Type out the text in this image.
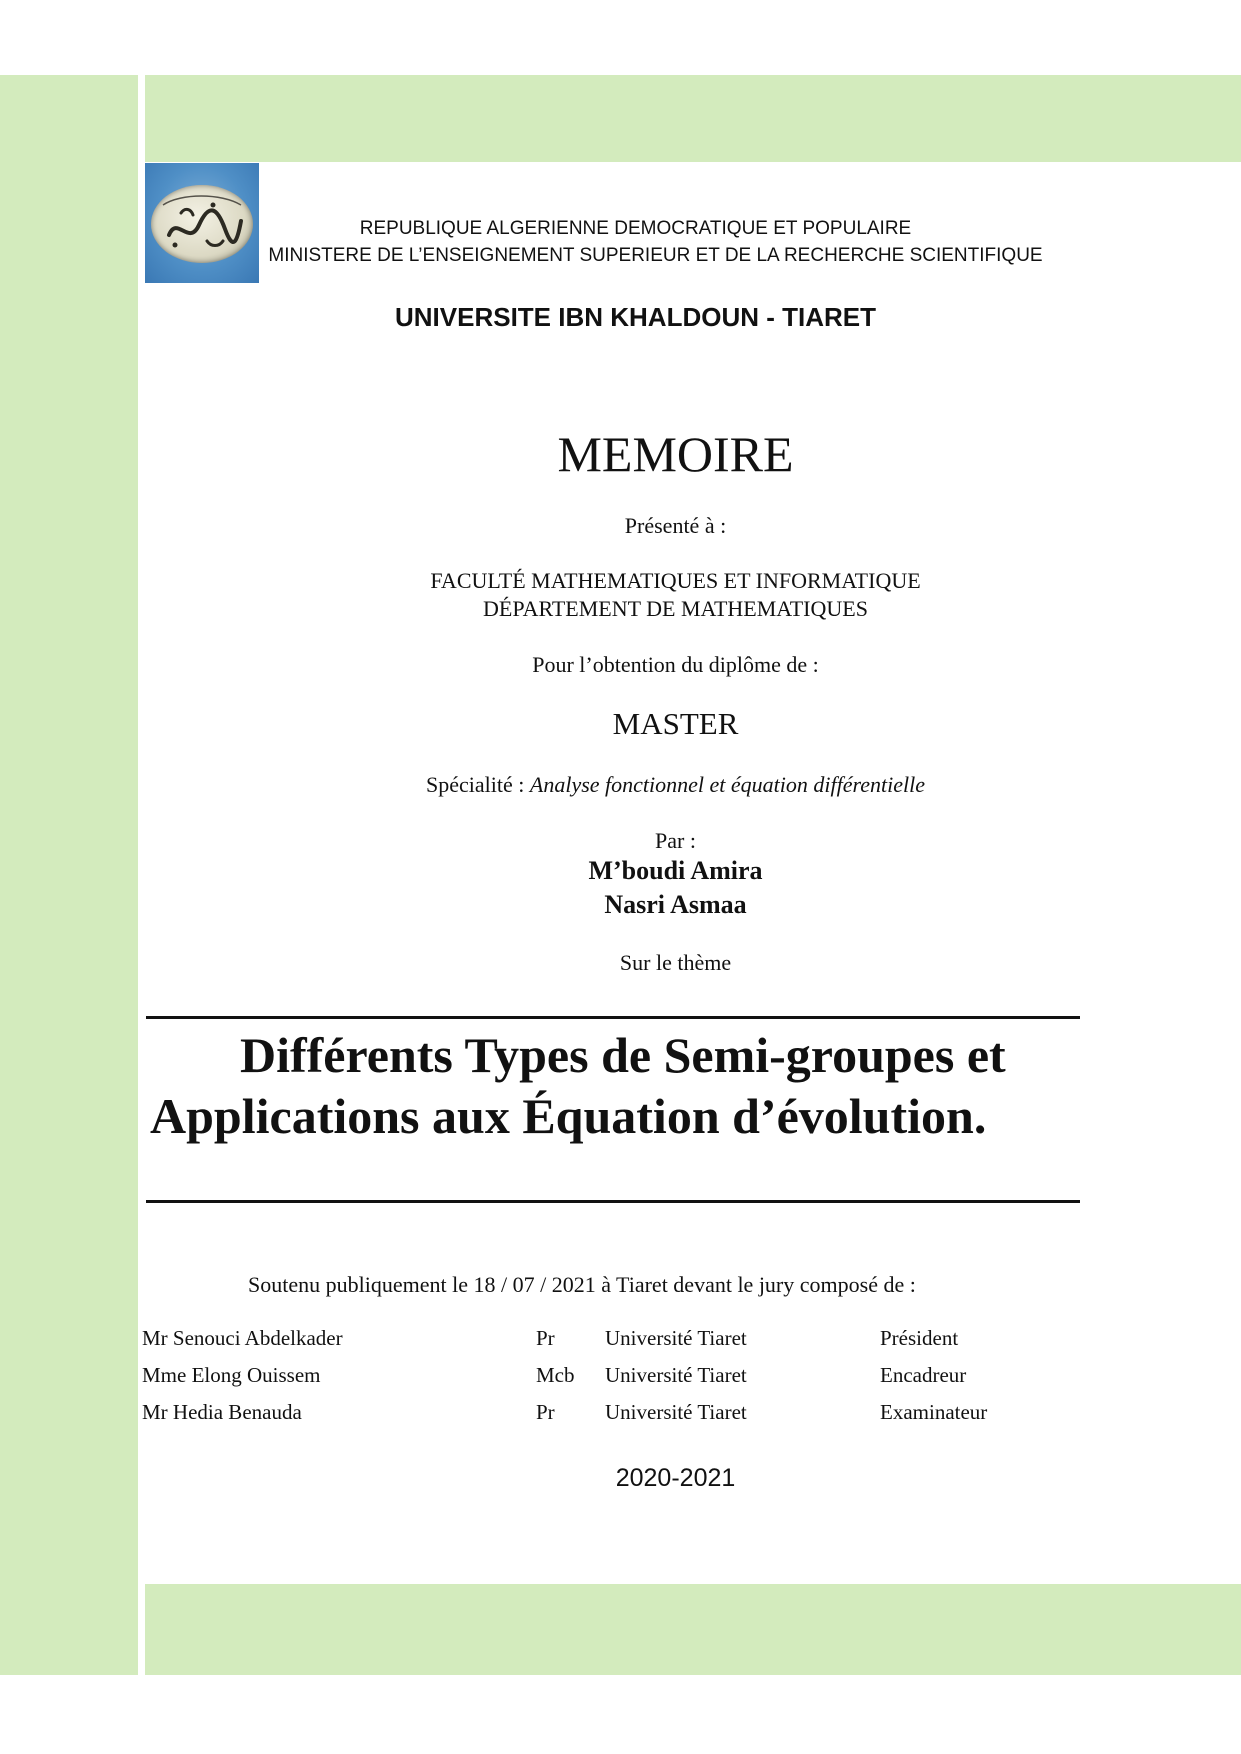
REPUBLIQUE ALGERIENNE DEMOCRATIQUE ET POPULAIRE
MINISTERE DE L’ENSEIGNEMENT SUPERIEUR ET DE LA RECHERCHE SCIENTIFIQUE
UNIVERSITE IBN KHALDOUN - TIARET
MEMOIRE
Présenté à :
FACULTÉ MATHEMATIQUES ET INFORMATIQUE
DÉPARTEMENT DE MATHEMATIQUES
Pour l’obtention du diplôme de :
MASTER
Spécialité : Analyse fonctionnel et équation différentielle
Par :
M’boudi Amira
Nasri Asmaa
Sur le thème
Différents Types de Semi-groupes et
Applications aux Équation d’évolution.
Soutenu publiquement le 18 / 07 / 2021 à Tiaret devant le jury composé de :
Mr Senouci Abdelkader	Pr Université Tiaret	Président
Mme Elong Ouissem	Mcb Université Tiaret	Encadreur
Mr Hedia Benauda	Pr Université Tiaret	Examinateur
2020-2021
